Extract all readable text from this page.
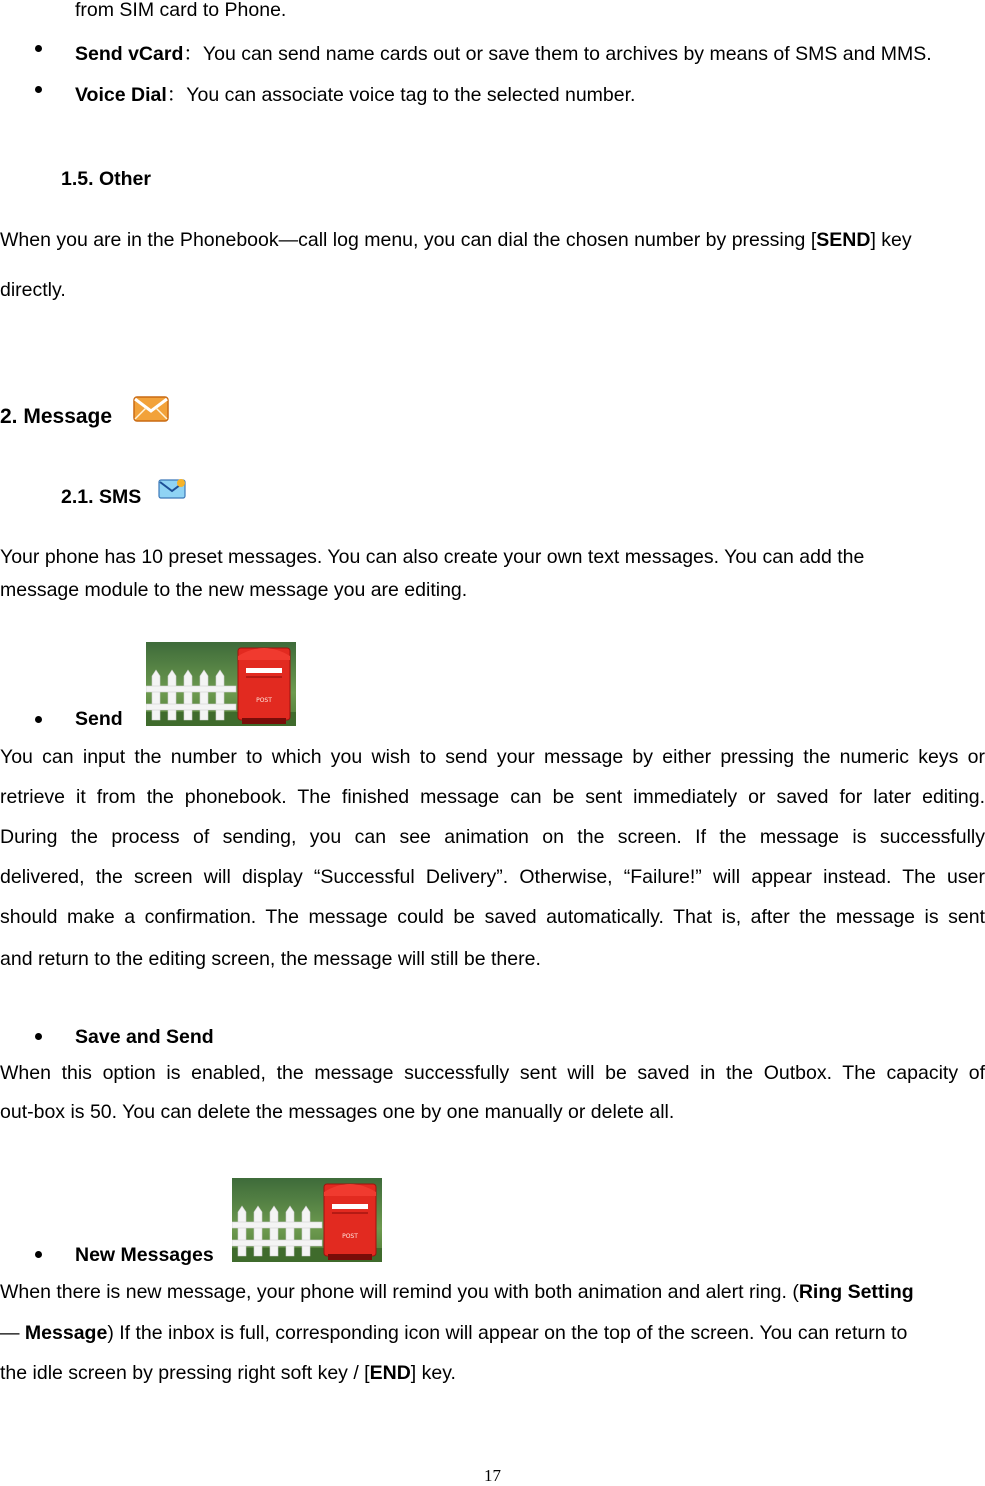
from SIM card to Phone.
Send vCard：You can send name cards out or save them to archives by means of SMS and MMS.
Voice Dial：You can associate voice tag to the selected number.
1.5. Other
When you are in the Phonebook—call log menu, you can dial the chosen number by pressing [SEND] key
directly.
2. Message
2.1. SMS
Your phone has 10 preset messages. You can also create your own text messages. You can add the
message module to the new message you are editing.
Send
POST
You can input the number to which you wish to send your message by either pressing the numeric keys or
retrieve it from the phonebook. The finished message can be sent immediately or saved for later editing.
During the process of sending, you can see animation on the screen. If the message is successfully
delivered, the screen will display “Successful Delivery”. Otherwise, “Failure!” will appear instead. The user
should make a confirmation. The message could be saved automatically. That is, after the message is sent
and return to the editing screen, the message will still be there.
Save and Send
When this option is enabled, the message successfully sent will be saved in the Outbox. The capacity of
out-box is 50. You can delete the messages one by one manually or delete all.
New Messages
POST
When there is new message, your phone will remind you with both animation and alert ring. (Ring Setting
— Message) If the inbox is full, corresponding icon will appear on the top of the screen. You can return to
the idle screen by pressing right soft key / [END] key.
17
